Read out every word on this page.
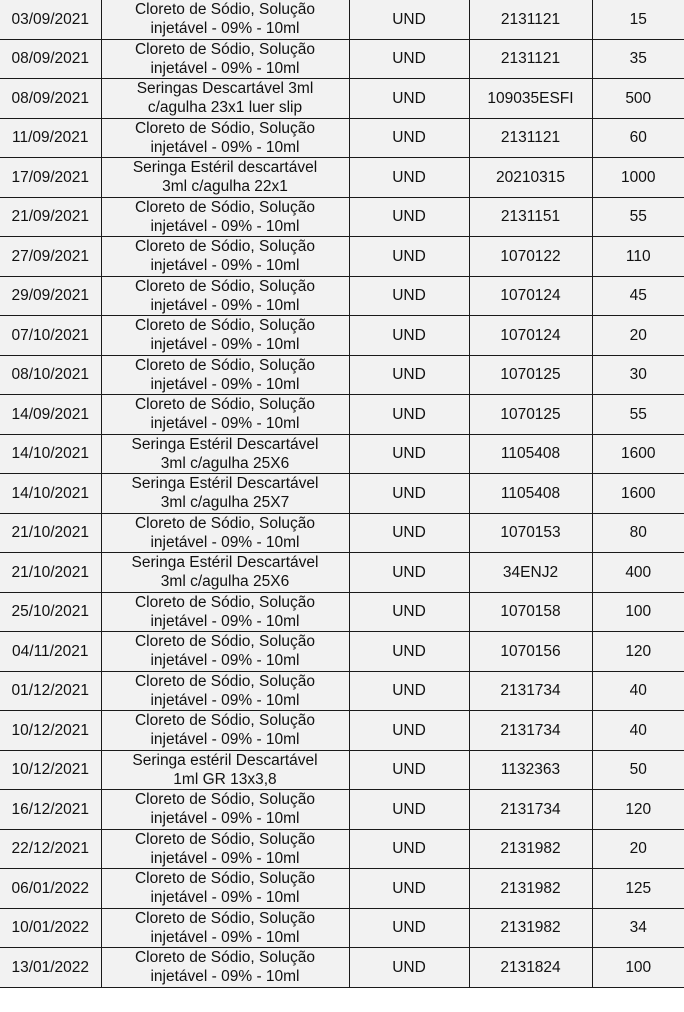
03/09/2021	Cloreto de Sódio, Solução
injetável - 09% - 10ml	UND	2131121	15
08/09/2021	Cloreto de Sódio, Solução
injetável - 09% - 10ml	UND	2131121	35
08/09/2021	Seringas Descartável 3ml
c/agulha 23x1 luer slip	UND	109035ESFI	500
11/09/2021	Cloreto de Sódio, Solução
injetável - 09% - 10ml	UND	2131121	60
17/09/2021	Seringa Estéril descartável
3ml c/agulha 22x1	UND	20210315	1000
21/09/2021	Cloreto de Sódio, Solução
injetável - 09% - 10ml	UND	2131151	55
27/09/2021	Cloreto de Sódio, Solução
injetável - 09% - 10ml	UND	1070122	110
29/09/2021	Cloreto de Sódio, Solução
injetável - 09% - 10ml	UND	1070124	45
07/10/2021	Cloreto de Sódio, Solução
injetável - 09% - 10ml	UND	1070124	20
08/10/2021	Cloreto de Sódio, Solução
injetável - 09% - 10ml	UND	1070125	30
14/09/2021	Cloreto de Sódio, Solução
injetável - 09% - 10ml	UND	1070125	55
14/10/2021	Seringa Estéril Descartável
3ml c/agulha 25X6	UND	1105408	1600
14/10/2021	Seringa Estéril Descartável
3ml c/agulha 25X7	UND	1105408	1600
21/10/2021	Cloreto de Sódio, Solução
injetável - 09% - 10ml	UND	1070153	80
21/10/2021	Seringa Estéril Descartável
3ml c/agulha 25X6	UND	34ENJ2	400
25/10/2021	Cloreto de Sódio, Solução
injetável - 09% - 10ml	UND	1070158	100
04/11/2021	Cloreto de Sódio, Solução
injetável - 09% - 10ml	UND	1070156	120
01/12/2021	Cloreto de Sódio, Solução
injetável - 09% - 10ml	UND	2131734	40
10/12/2021	Cloreto de Sódio, Solução
injetável - 09% - 10ml	UND	2131734	40
10/12/2021	Seringa estéril Descartável
1ml GR 13x3,8	UND	1132363	50
16/12/2021	Cloreto de Sódio, Solução
injetável - 09% - 10ml	UND	2131734	120
22/12/2021	Cloreto de Sódio, Solução
injetável - 09% - 10ml	UND	2131982	20
06/01/2022	Cloreto de Sódio, Solução
injetável - 09% - 10ml	UND	2131982	125
10/01/2022	Cloreto de Sódio, Solução
injetável - 09% - 10ml	UND	2131982	34
13/01/2022	Cloreto de Sódio, Solução
injetável - 09% - 10ml	UND	2131824	100
